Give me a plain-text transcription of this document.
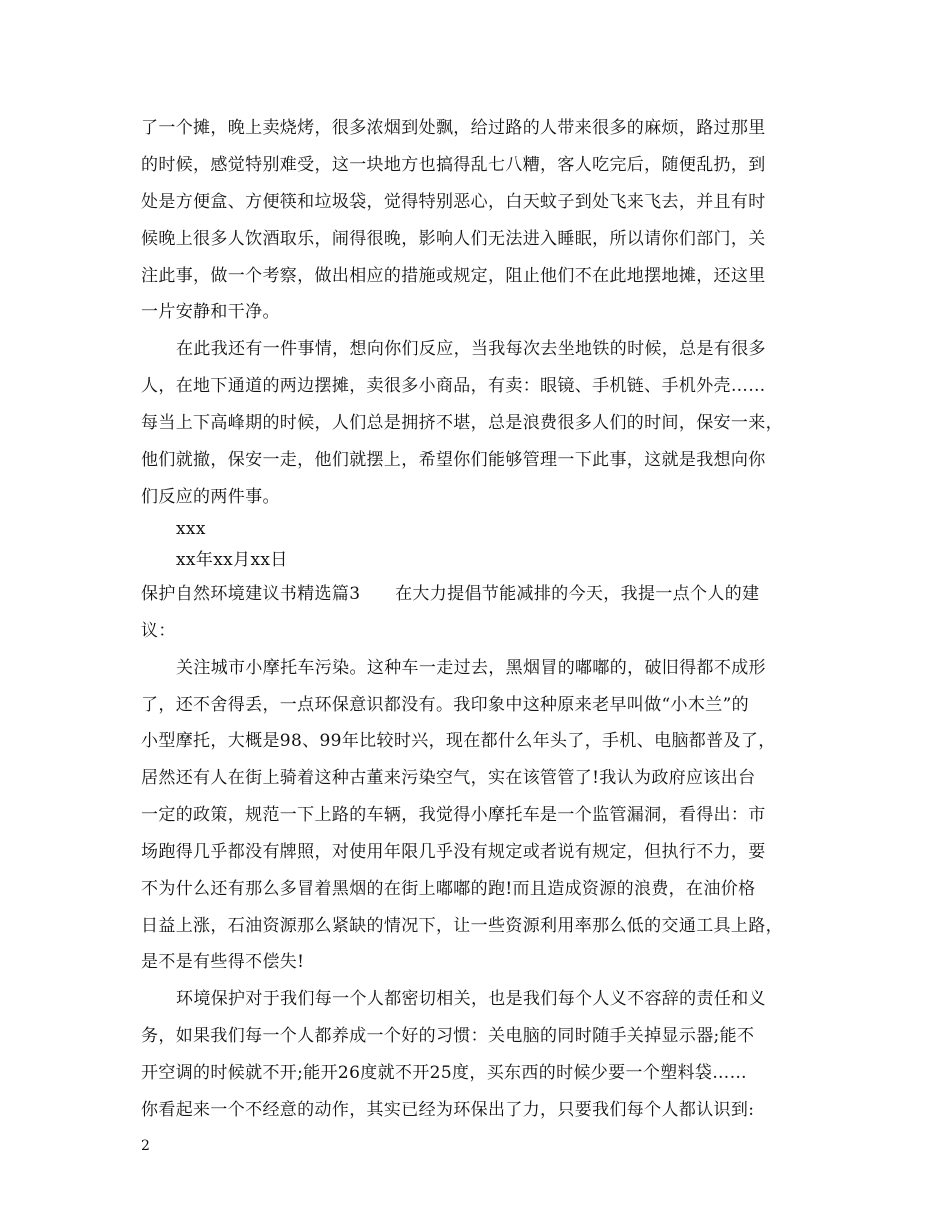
了一个摊，晚上卖烧烤，很多浓烟到处飘，给过路的人带来很多的麻烦，路过那里
的时候，感觉特别难受，这一块地方也搞得乱七八糟，客人吃完后，随便乱扔，到
处是方便盒、方便筷和垃圾袋，觉得特别恶心，白天蚊子到处飞来飞去，并且有时
候晚上很多人饮酒取乐，闹得很晚，影响人们无法进入睡眠，所以请你们部门，关
注此事，做一个考察，做出相应的措施或规定，阻止他们不在此地摆地摊，还这里
一片安静和干净。
在此我还有一件事情，想向你们反应，当我每次去坐地铁的时候，总是有很多
人，在地下通道的两边摆摊，卖很多小商品，有卖：眼镜、手机链、手机外壳……
每当上下高峰期的时候，人们总是拥挤不堪，总是浪费很多人们的时间，保安一来，
他们就撤，保安一走，他们就摆上，希望你们能够管理一下此事，这就是我想向你
们反应的两件事。
xxx
xx年xx月xx日
保护自然环境建议书精选篇3　　在大力提倡节能减排的今天，我提一点个人的建
议：
关注城市小摩托车污染。这种车一走过去，黑烟冒的嘟嘟的，破旧得都不成形
了，还不舍得丢，一点环保意识都没有。我印象中这种原来老早叫做“小木兰”的
小型摩托，大概是98、99年比较时兴，现在都什么年头了，手机、电脑都普及了，
居然还有人在街上骑着这种古董来污染空气，实在该管管了!我认为政府应该出台
一定的政策，规范一下上路的车辆，我觉得小摩托车是一个监管漏洞，看得出：市
场跑得几乎都没有牌照，对使用年限几乎没有规定或者说有规定，但执行不力，要
不为什么还有那么多冒着黑烟的在街上嘟嘟的跑!而且造成资源的浪费，在油价格
日益上涨，石油资源那么紧缺的情况下，让一些资源利用率那么低的交通工具上路，
是不是有些得不偿失!
环境保护对于我们每一个人都密切相关，也是我们每个人义不容辞的责任和义
务，如果我们每一个人都养成一个好的习惯：关电脑的同时随手关掉显示器;能不
开空调的时候就不开;能开26度就不开25度，买东西的时候少要一个塑料袋……
你看起来一个不经意的动作，其实已经为环保出了力，只要我们每个人都认识到:
2
